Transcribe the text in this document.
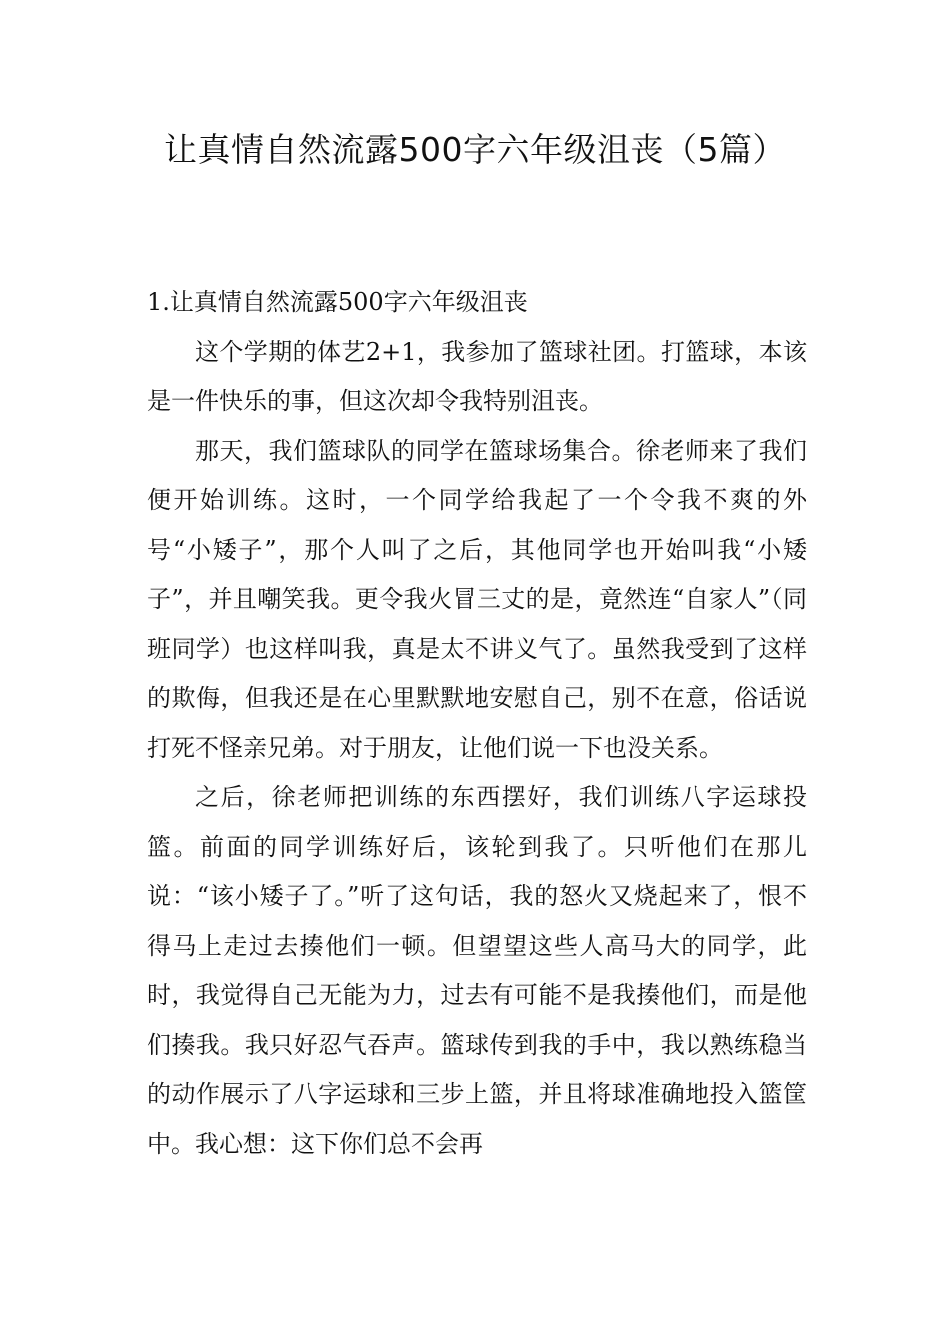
让真情自然流露500字六年级沮丧（5篇）
1.让真情自然流露500字六年级沮丧

这个学期的体艺2+1，我参加了篮球社团。打篮球，本该是一件快乐的事，但这次却令我特别沮丧。

那天，我们篮球队的同学在篮球场集合。徐老师来了我们便开始训练。这时，一个同学给我起了一个令我不爽的外号“小矮子”，那个人叫了之后，其他同学也开始叫我“小矮子”，并且嘲笑我。更令我火冒三丈的是，竟然连“自家人”（同班同学）也这样叫我，真是太不讲义气了。虽然我受到了这样的欺侮，但我还是在心里默默地安慰自己，别不在意，俗话说打死不怪亲兄弟。对于朋友，让他们说一下也没关系。

之后，徐老师把训练的东西摆好，我们训练八字运球投篮。前面的同学训练好后，该轮到我了。只听他们在那儿说：“该小矮子了。”听了这句话，我的怒火又烧起来了，恨不得马上走过去揍他们一顿。但望望这些人高马大的同学，此时，我觉得自己无能为力，过去有可能不是我揍他们，而是他们揍我。我只好忍气吞声。篮球传到我的手中，我以熟练稳当的动作展示了八字运球和三步上篮，并且将球准确地投入篮筐中。我心想：这下你们总不会再
